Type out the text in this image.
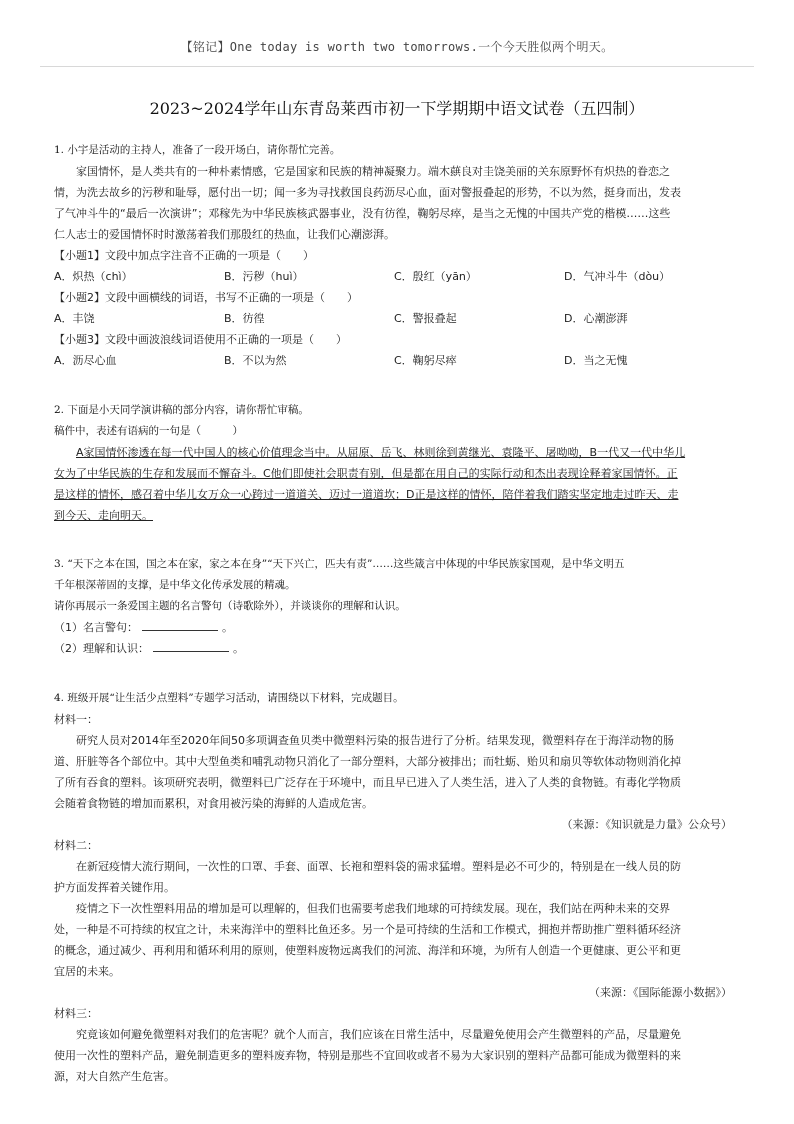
【铭记】One today is worth two tomorrows.一个今天胜似两个明天。
2023~2024学年山东青岛莱西市初一下学期期中语文试卷（五四制）
1. 小宇是活动的主持人，准备了一段开场白，请你帮忙完善。
家国情怀，是人类共有的一种朴素情感，它是国家和民族的精神凝聚力。端木蕻良对圭饶美丽的关东原野怀有炽热的眷恋之
情，为洗去故乡的污秽和耻辱，愿付出一切；闻一多为寻找救国良药沥尽心血，面对警报叠起的形势，不以为然，挺身而出，发表
了气冲斗牛的“最后一次演讲”；邓稼先为中华民族核武器事业，没有彷徨，鞠躬尽瘁，是当之无愧的中国共产党的楷模……这些
仁人志士的爱国情怀时时激荡着我们那殷红的热血，让我们心潮澎湃。
【小题1】文段中加点字注音不正确的一项是（　　）
A．炽热（chì）	B．污秽（huì）	C．殷红（yān）	D．气冲斗牛（dòu）
【小题2】文段中画横线的词语，书写不正确的一项是（　　）
A．丰饶	B．彷徨	C．警报叠起	D．心潮澎湃
【小题3】文段中画波浪线词语使用不正确的一项是（　　）
A．沥尽心血	B．不以为然	C．鞠躬尽瘁	D．当之无愧
2. 下面是小天同学演讲稿的部分内容，请你帮忙审稿。
稿件中，表述有语病的一句是（　　　）
A家国情怀渗透在每一代中国人的核心价值理念当中。从屈原、岳飞、林则徐到黄继光、袁隆平、屠呦呦，B一代又一代中华儿
女为了中华民族的生存和发展而不懈奋斗。C他们即使社会职责有别，但是都在用自己的实际行动和杰出表现诠释着家国情怀。正
是这样的情怀，感召着中华儿女万众一心跨过一道道关、迈过一道道坎；D正是这样的情怀，陪伴着我们踏实坚定地走过昨天、走
到今天、走向明天。
3. “天下之本在国，国之本在家，家之本在身”“天下兴亡，匹夫有责”……这些箴言中体现的中华民族家国观，是中华文明五
千年根深蒂固的支撑，是中华文化传承发展的精魂。
请你再展示一条爱国主题的名言警句（诗歌除外），并谈谈你的理解和认识。
（1）名言警句：	。
（2）理解和认识：	。
4. 班级开展“让生活少点塑料”专题学习活动，请围绕以下材料，完成题目。
材料一：
研究人员对2014年至2020年间50多项调查鱼贝类中微塑料污染的报告进行了分析。结果发现，微塑料存在于海洋动物的肠
道、肝脏等各个部位中。其中大型鱼类和哺乳动物只消化了一部分塑料，大部分被排出；而牡蛎、贻贝和扇贝等软体动物则消化掉
了所有吞食的塑料。该项研究表明，微塑料已广泛存在于环境中，而且早已进入了人类生活，进入了人类的食物链。有毒化学物质
会随着食物链的增加而累积，对食用被污染的海鲜的人造成危害。
（来源：《知识就是力量》公众号）
材料二：
在新冠疫情大流行期间，一次性的口罩、手套、面罩、长袍和塑料袋的需求猛增。塑料是必不可少的，特别是在一线人员的防
护方面发挥着关键作用。
疫情之下一次性塑料用品的增加是可以理解的，但我们也需要考虑我们地球的可持续发展。现在，我们站在两种未来的交界
处，一种是不可持续的权宜之计，未来海洋中的塑料比鱼还多。另一个是可持续的生活和工作模式，拥抱并帮助推广塑料循环经济
的概念，通过减少、再利用和循环利用的原则，使塑料废物远离我们的河流、海洋和环境，为所有人创造一个更健康、更公平和更
宜居的未来。
（来源：《国际能源小数据》）
材料三：
究竟该如何避免微塑料对我们的危害呢？就个人而言，我们应该在日常生活中，尽量避免使用会产生微塑料的产品，尽量避免
使用一次性的塑料产品，避免制造更多的塑料废弃物，特别是那些不宜回收或者不易为大家识别的塑料产品都可能成为微塑料的来
源，对大自然产生危害。
